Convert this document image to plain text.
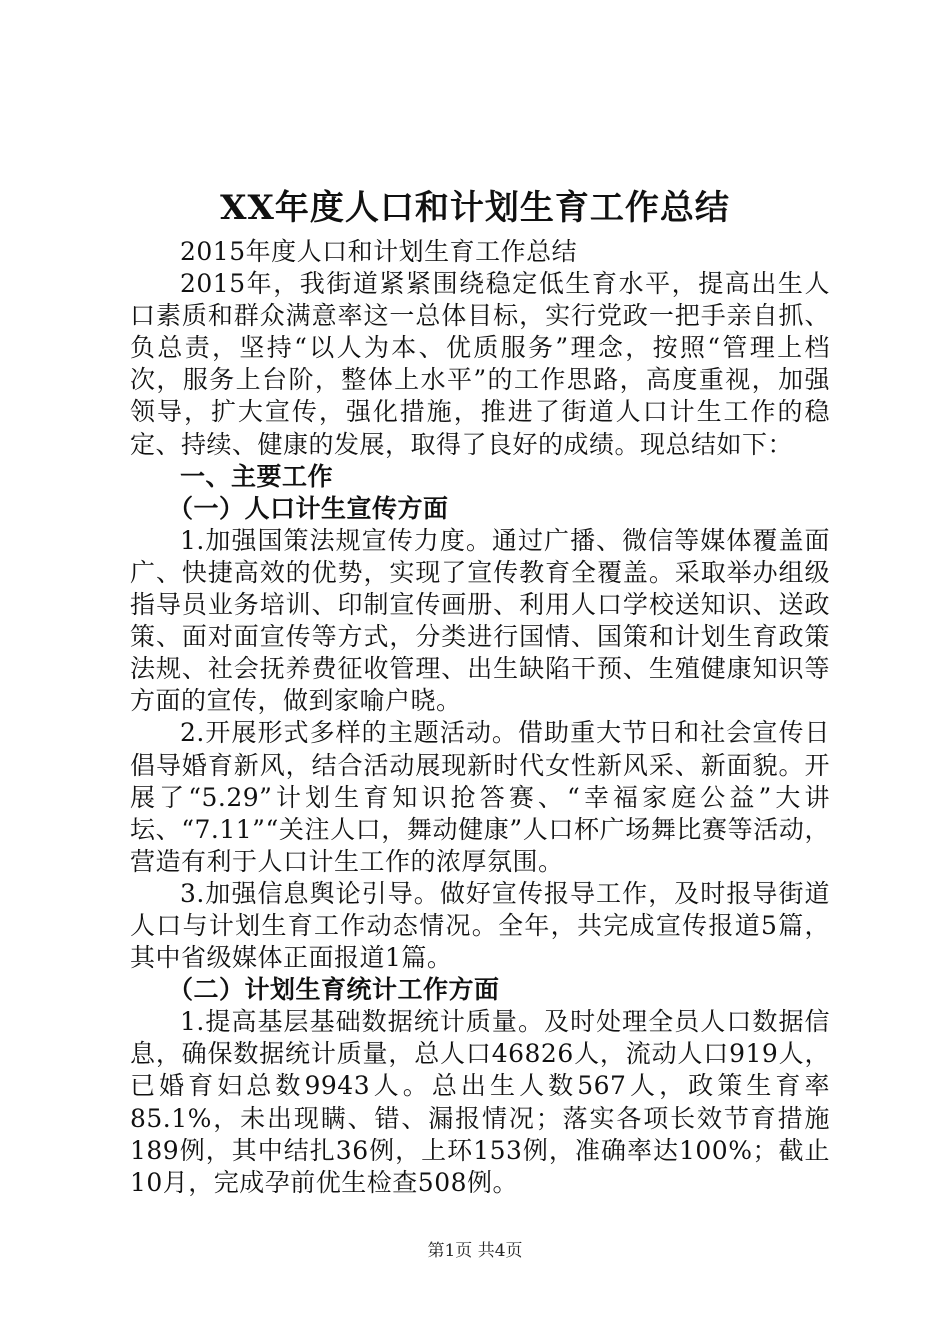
XX年度人口和计划生育工作总结

2015年度人口和计划生育工作总结

2015年，我街道紧紧围绕稳定低生育水平，提高出生人口素质和群众满意率这一总体目标，实行党政一把手亲自抓、负总责，坚持“以人为本、优质服务”理念，按照“管理上档次，服务上台阶，整体上水平”的工作思路，高度重视，加强领导，扩大宣传，强化措施，推进了街道人口计生工作的稳定、持续、健康的发展，取得了良好的成绩。现总结如下：

一、主要工作

（一）人口计生宣传方面

1.加强国策法规宣传力度。通过广播、微信等媒体覆盖面广、快捷高效的优势，实现了宣传教育全覆盖。采取举办组级指导员业务培训、印制宣传画册、利用人口学校送知识、送政策、面对面宣传等方式，分类进行国情、国策和计划生育政策法规、社会抚养费征收管理、出生缺陷干预、生殖健康知识等方面的宣传，做到家喻户晓。

2.开展形式多样的主题活动。借助重大节日和社会宣传日倡导婚育新风，结合活动展现新时代女性新风采、新面貌。开展了“5.29”计划生育知识抢答赛、“幸福家庭公益”大讲坛、“7.11”“关注人口，舞动健康”人口杯广场舞比赛等活动，营造有利于人口计生工作的浓厚氛围。

3.加强信息舆论引导。做好宣传报导工作，及时报导街道人口与计划生育工作动态情况。全年，共完成宣传报道5篇，其中省级媒体正面报道1篇。

（二）计划生育统计工作方面

1.提高基层基础数据统计质量。及时处理全员人口数据信息，确保数据统计质量，总人口46826人，流动人口919人，已婚育妇总数9943人。总出生人数567人，政策生育率85.1%，未出现瞒、错、漏报情况；落实各项长效节育措施189例，其中结扎36例，上环153例，准确率达100%；截止10月，完成孕前优生检查508例。

第1页 共4页
